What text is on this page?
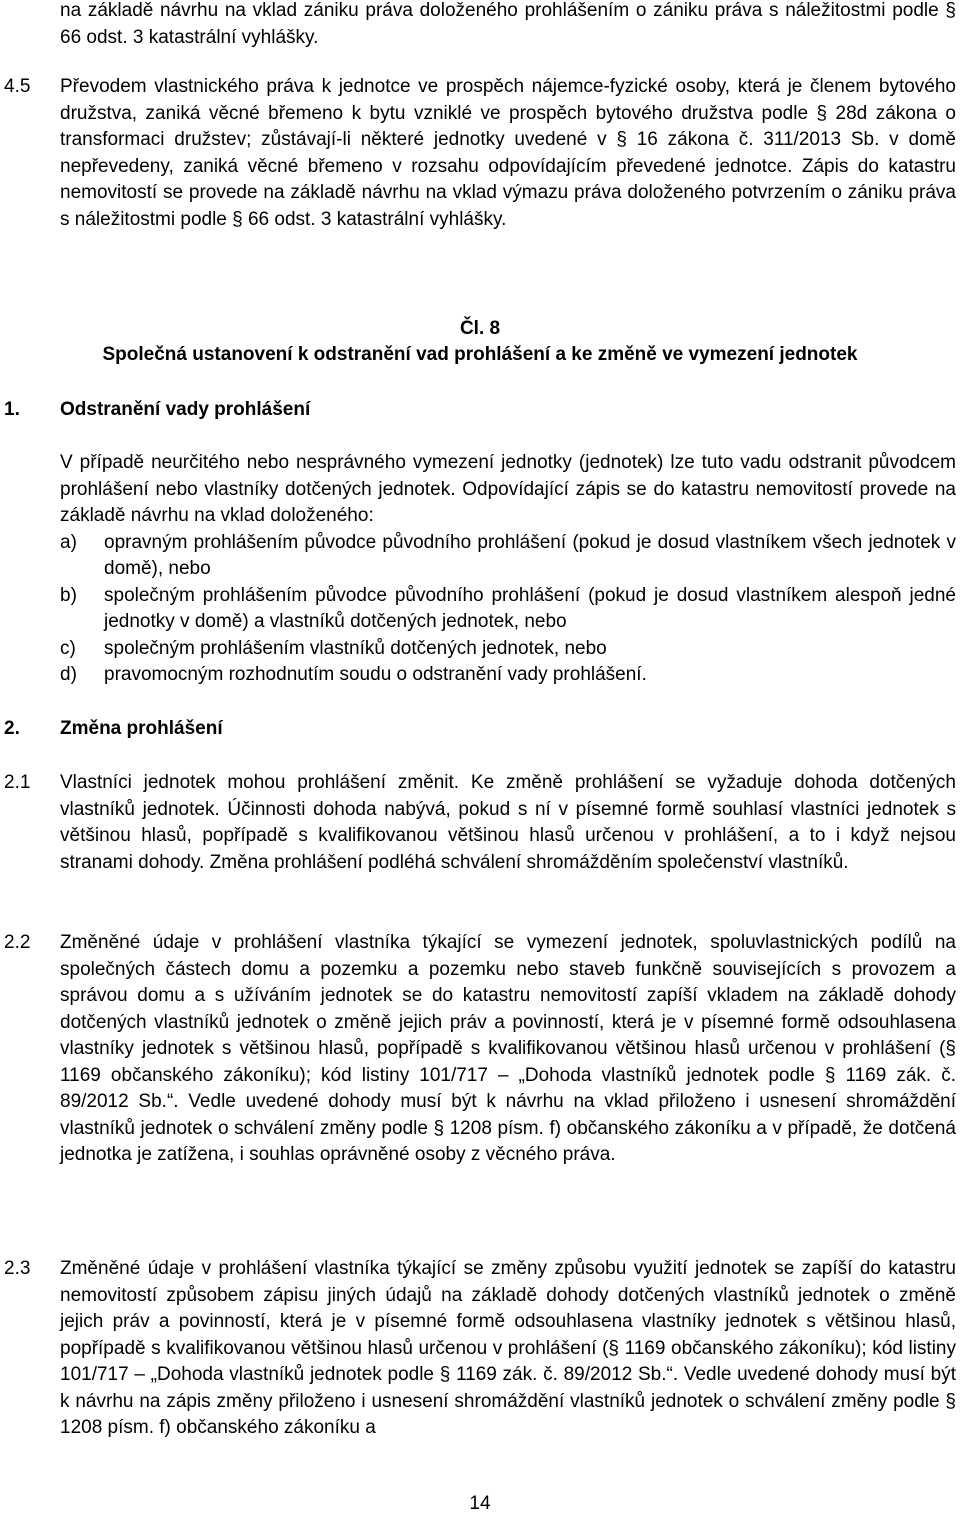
na základě návrhu na vklad zániku práva doloženého prohlášením o zániku práva s náležitostmi podle § 66 odst. 3 katastrální vyhlášky.

4.5 Převodem vlastnického práva k jednotce ve prospěch nájemce-fyzické osoby, která je členem bytového družstva, zaniká věcné břemeno k bytu vzniklé ve prospěch bytového družstva podle § 28d zákona o transformaci družstev; zůstávají-li některé jednotky uvedené v § 16 zákona č. 311/2013 Sb. v domě nepřevedeny, zaniká věcné břemeno v rozsahu odpovídajícím převedené jednotce. Zápis do katastru nemovitostí se provede na základě návrhu na vklad výmazu práva doloženého potvrzením o zániku práva s náležitostmi podle § 66 odst. 3 katastrální vyhlášky.

Čl. 8

Společná ustanovení k odstranění vad prohlášení a ke změně ve vymezení jednotek

1. Odstranění vady prohlášení
V případě neurčitého nebo nesprávného vymezení jednotky (jednotek) lze tuto vadu odstranit původcem prohlášení nebo vlastníky dotčených jednotek. Odpovídající zápis se do katastru nemovitostí provede na základě návrhu na vklad doloženého:
a) opravným prohlášením původce původního prohlášení (pokud je dosud vlastníkem všech jednotek v domě), nebo
b) společným prohlášením původce původního prohlášení (pokud je dosud vlastníkem alespoň jedné jednotky v domě) a vlastníků dotčených jednotek, nebo
c) společným prohlášením vlastníků dotčených jednotek, nebo
d) pravomocným rozhodnutím soudu o odstranění vady prohlášení.
2. Změna prohlášení
2.1 Vlastníci jednotek mohou prohlášení změnit. Ke změně prohlášení se vyžaduje dohoda dotčených vlastníků jednotek. Účinnosti dohoda nabývá, pokud s ní v písemné formě souhlasí vlastníci jednotek s většinou hlasů, popřípadě s kvalifikovanou většinou hlasů určenou v prohlášení, a to i když nejsou stranami dohody. Změna prohlášení podléhá schválení shromážděním společenství vlastníků.
2.2 Změněné údaje v prohlášení vlastníka týkající se vymezení jednotek, spoluvlastnických podílů na společných částech domu a pozemku a pozemku nebo staveb funkčně souvisejících s provozem a správou domu a s užíváním jednotek se do katastru nemovitostí zapíší vkladem na základě dohody dotčených vlastníků jednotek o změně jejich práv a povinností, která je v písemné formě odsouhlasena vlastníky jednotek s většinou hlasů, popřípadě s kvalifikovanou většinou hlasů určenou v prohlášení (§ 1169 občanského zákoníku); kód listiny 101/717 – „Dohoda vlastníků jednotek podle § 1169 zák. č. 89/2012 Sb.“. Vedle uvedené dohody musí být k návrhu na vklad přiloženo i usnesení shromáždění vlastníků jednotek o schválení změny podle § 1208 písm. f) občanského zákoníku a v případě, že dotčená jednotka je zatížena, i souhlas oprávněné osoby z věcného práva.
2.3 Změněné údaje v prohlášení vlastníka týkající se změny způsobu využití jednotek se zapíší do katastru nemovitostí způsobem zápisu jiných údajů na základě dohody dotčených vlastníků jednotek o změně jejich práv a povinností, která je v písemné formě odsouhlasena vlastníky jednotek s většinou hlasů, popřípadě s kvalifikovanou většinou hlasů určenou v prohlášení (§ 1169 občanského zákoníku); kód listiny 101/717 – „Dohoda vlastníků jednotek podle § 1169 zák. č. 89/2012 Sb.“. Vedle uvedené dohody musí být k návrhu na zápis změny přiloženo i usnesení shromáždění vlastníků jednotek o schválení změny podle § 1208 písm. f) občanského zákoníku a
14
